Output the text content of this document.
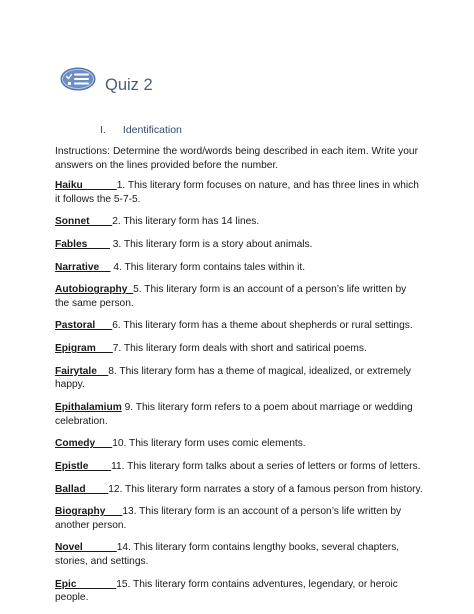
Quiz 2
I. Identification
Instructions: Determine the word/words being described in each item. Write your answers on the lines provided before the number.
Haiku______1. This literary form focuses on nature, and has three lines in which it follows the 5-7-5.
Sonnet____2. This literary form has 14 lines.
Fables____ 3. This literary form is a story about animals.
Narrative__ 4. This literary form contains tales within it.
Autobiography_5. This literary form is an account of a person’s life written by the same person.
Pastoral___6. This literary form has a theme about shepherds or rural settings.
Epigram___7. This literary form deals with short and satirical poems.
Fairytale__8. This literary form has a theme of magical, idealized, or extremely happy.
Epithalamium 9. This literary form refers to a poem about marriage or wedding celebration.
Comedy___10. This literary form uses comic elements.
Epistle____11. This literary form talks about a series of letters or forms of letters.
Ballad____12. This literary form narrates a story of a famous person from history.
Biography___13. This literary form is an account of a person’s life written by another person.
Novel______14. This literary form contains lengthy books, several chapters, stories, and settings.
Epic_______15. This literary form contains adventures, legendary, or heroic people.
